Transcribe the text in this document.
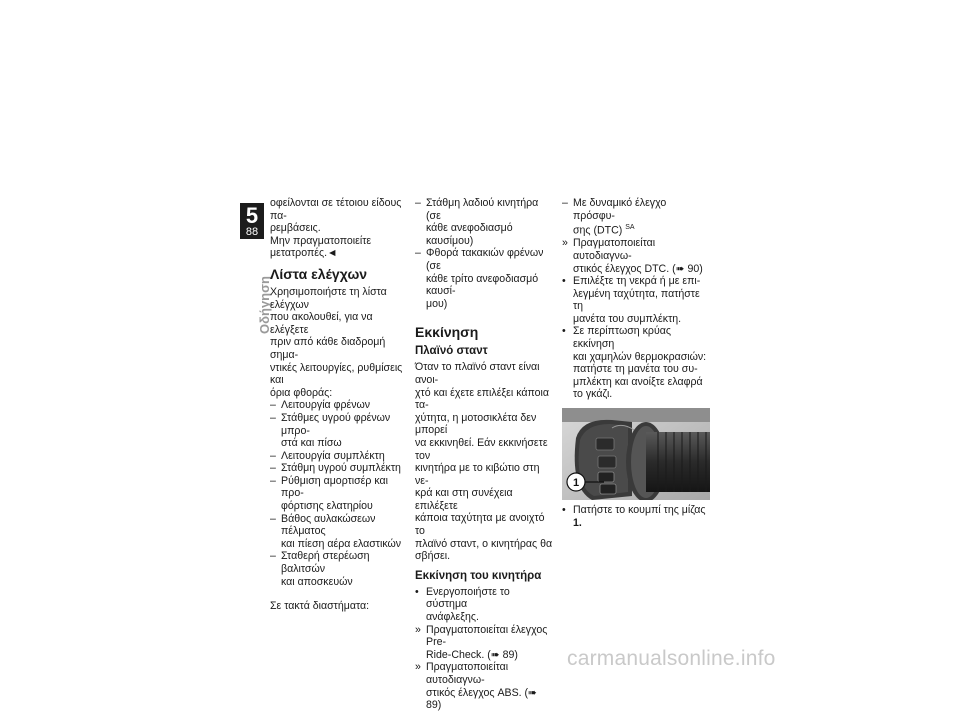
5
88
Οδήγηση

οφείλονται σε τέτοιου είδους πα-

ρεμβάσεις.

Μην πραγματοποιείτε

μετατροπές.◄

Λίστα ελέγχων

Χρησιμοποιήστε τη λίστα ελέγχων

που ακολουθεί, για να ελέγξετε

πριν από κάθε διαδρομή σημα-

ντικές λειτουργίες, ρυθμίσεις και

όρια φθοράς:

– Λειτουργία φρένων
– Στάθμες υγρού φρένων μπρο-
στά και πίσω
– Λειτουργία συμπλέκτη
– Στάθμη υγρού συμπλέκτη
– Ρύθμιση αμορτισέρ και προ-
φόρτισης ελατηρίου
– Βάθος αυλακώσεων πέλματος
και πίεση αέρα ελαστικών
– Σταθερή στερέωση βαλιτσών
και αποσκευών

Σε τακτά διαστήματα:

– Στάθμη λαδιού κινητήρα (σε
κάθε ανεφοδιασμό καυσίμου)
– Φθορά τακακιών φρένων (σε
κάθε τρίτο ανεφοδιασμό καυσί-
μου)
Εκκίνηση
Πλαϊνό σταντ

Όταν το πλαϊνό σταντ είναι ανοι-

χτό και έχετε επιλέξει κάποια τα-

χύτητα, η μοτοσικλέτα δεν μπορεί

να εκκινηθεί. Εάν εκκινήσετε τον

κινητήρα με το κιβώτιο στη νε-

κρά και στη συνέχεια επιλέξετε

κάποια ταχύτητα με ανοιχτό το

πλαϊνό σταντ, ο κινητήρας θα

σβήσει.

Εκκίνηση του κινητήρα
• Ενεργοποιήστε το σύστημα
ανάφλεξης.
» Πραγματοποιείται έλεγχος Pre-
Ride-Check. (➠ 89)
» Πραγματοποιείται αυτοδιαγνω-
στικός έλεγχος ABS. (➠ 89)
– Με δυναμικό έλεγχο πρόσφυ-
σης (DTC) $^{SA}$
» Πραγματοποιείται αυτοδιαγνω-
στικός έλεγχος DTC. (➠ 90)
• Επιλέξτε τη νεκρά ή με επι-
λεγμένη ταχύτητα, πατήστε τη
μανέτα του συμπλέκτη.
• Σε περίπτωση κρύας εκκίνηση
και χαμηλών θερμοκρασιών:
πατήστε τη μανέτα του συ-
μπλέκτη και ανοίξτε ελαφρά
το γκάζι.
1
• Πατήστε το κουμπί της μίζας 1.
carmanualsonline.info
